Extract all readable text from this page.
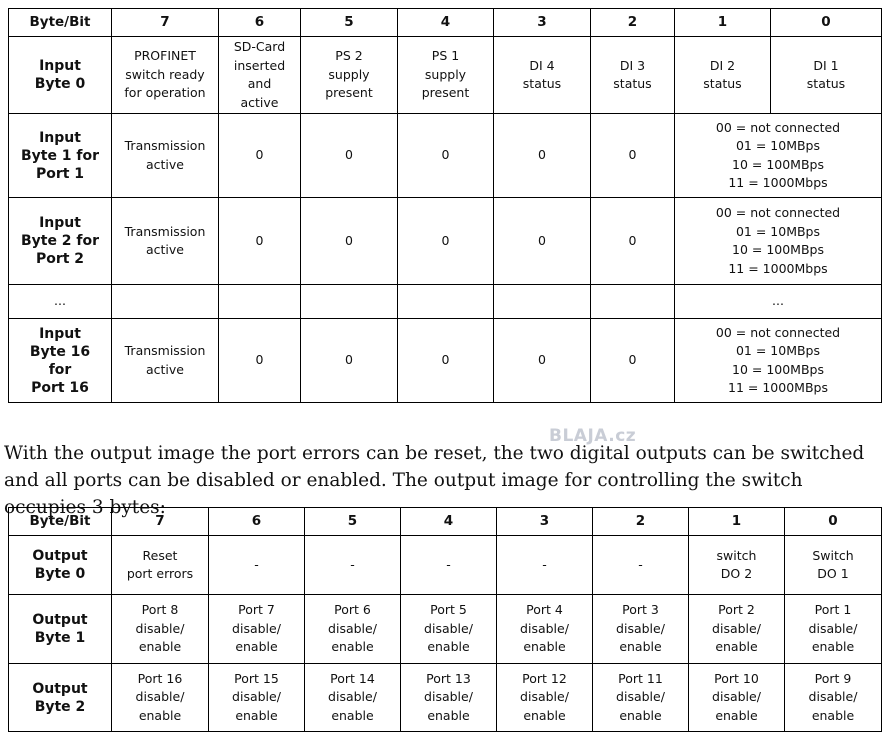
Byte/Bit	7	6	5	4	3	2	1	0
Input
Byte 0	PROFINET
switch ready
for operation	SD-Card
inserted
and
active	PS 2
supply
present	PS 1
supply
present	DI 4
status	DI 3
status	DI 2
status	DI 1
status
Input
Byte 1 for
Port 1	Transmission
active	0	0	0	0	0	00 = not connected
01 = 10MBps
10 = 100MBps
11 = 1000Mbps	
Input
Byte 2 for
Port 2	Transmission
active	0	0	0	0	0	00 = not connected
01 = 10MBps
10 = 100MBps
11 = 1000Mbps	
...							...	
Input
Byte 16
for
Port 16	Transmission
active	0	0	0	0	0	00 = not connected
01 = 10MBps
10 = 100MBps
11 = 1000MBps	
BLAJA.cz

With the output image the port errors can be reset, the two digital outputs can be switched and all ports can be disabled or enabled. The output image for controlling the switch occupies 3 bytes:

Byte/Bit	7	6	5	4	3	2	1	0
Output
Byte 0	Reset
port errors	-	-	-	-	-	switch
DO 2	Switch
DO 1
Output
Byte 1	Port 8
disable/
enable	Port 7
disable/
enable	Port 6
disable/
enable	Port 5
disable/
enable	Port 4
disable/
enable	Port 3
disable/
enable	Port 2
disable/
enable	Port 1
disable/
enable
Output
Byte 2	Port 16
disable/
enable	Port 15
disable/
enable	Port 14
disable/
enable	Port 13
disable/
enable	Port 12
disable/
enable	Port 11
disable/
enable	Port 10
disable/
enable	Port 9
disable/
enable
